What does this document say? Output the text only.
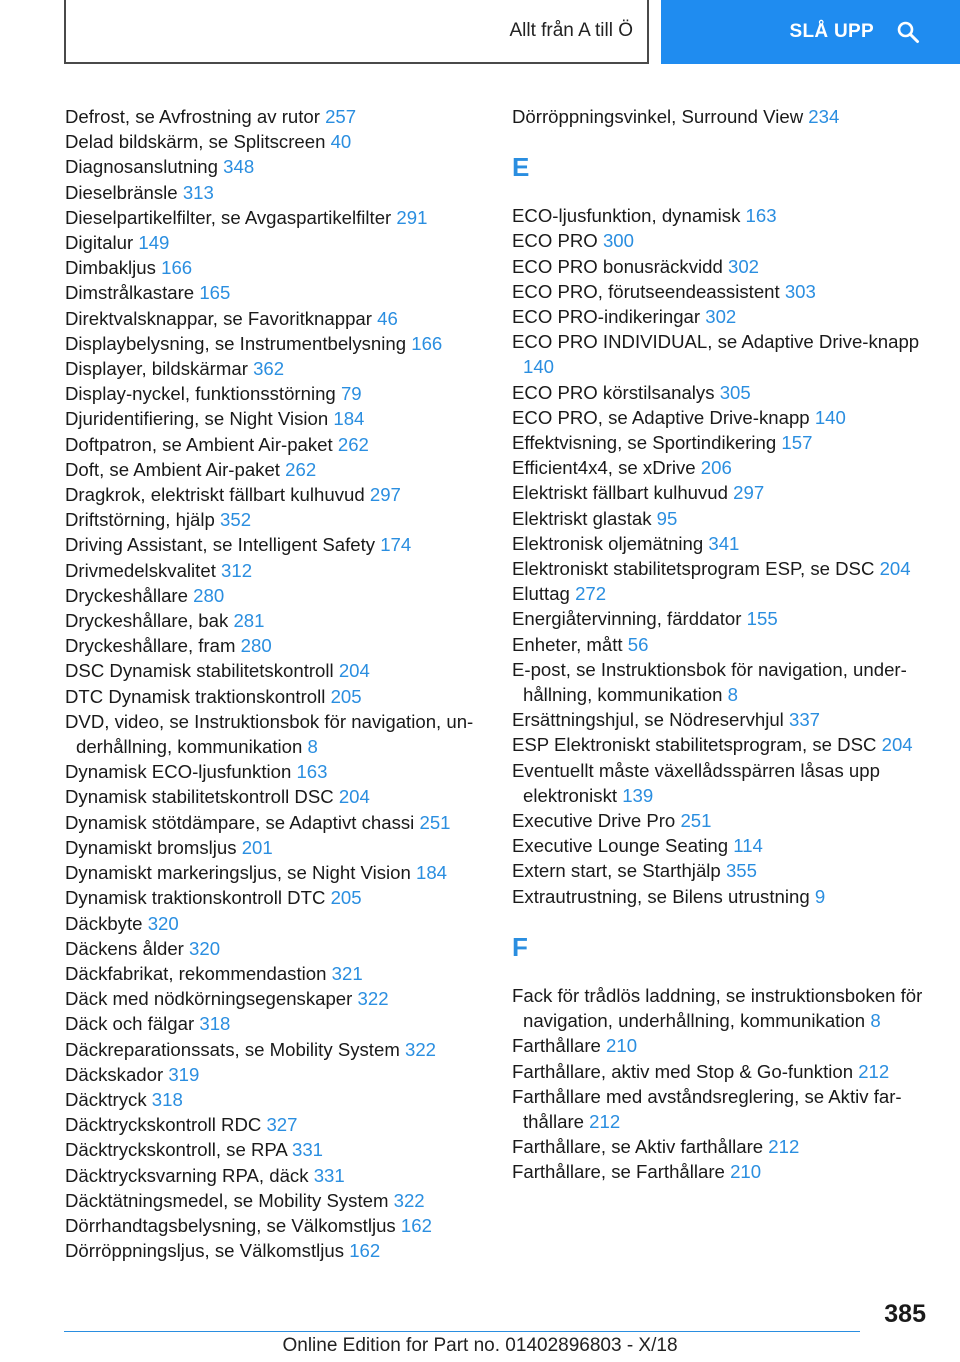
Allt från A till Ö	SLÅ UPP

Defrost, se Avfrostning av rutor 257

Delad bildskärm, se Splitscreen 40

Diagnosanslutning 348

Dieselbränsle 313

Dieselpartikelfilter, se Avgaspartikelfilter 291

Digitalur 149

Dimbakljus 166

Dimstrålkastare 165

Direktvalsknappar, se Favoritknappar 46

Displaybelysning, se Instrumentbelysning 166

Displayer, bildskärmar 362

Display-nyckel, funktionsstörning 79

Djuridentifiering, se Night Vision 184

Doftpatron, se Ambient Air-paket 262

Doft, se Ambient Air-paket 262

Dragkrok, elektriskt fällbart kulhuvud 297

Driftstörning, hjälp 352

Driving Assistant, se Intelligent Safety 174

Drivmedelskvalitet 312

Dryckeshållare 280

Dryckeshållare, bak 281

Dryckeshållare, fram 280

DSC Dynamisk stabilitetskontroll 204

DTC Dynamisk traktionskontroll 205

DVD, video, se Instruktionsbok för navigation, underhållning, kommunikation 8

Dynamisk ECO-ljusfunktion 163

Dynamisk stabilitetskontroll DSC 204

Dynamisk stötdämpare, se Adaptivt chassi 251

Dynamiskt bromsljus 201

Dynamiskt markeringsljus, se Night Vision 184

Dynamisk traktionskontroll DTC 205

Däckbyte 320

Däckens ålder 320

Däckfabrikat, rekommendastion 321

Däck med nödkörningsegenskaper 322

Däck och fälgar 318

Däckreparationssats, se Mobility System 322

Däckskador 319

Däcktryck 318

Däcktryckskontroll RDC 327

Däcktryckskontroll, se RPA 331

Däcktrycksvarning RPA, däck 331

Däcktätningsmedel, se Mobility System 322

Dörrhandtagsbelysning, se Välkomstljus 162

Dörröppningsljus, se Välkomstljus 162

Dörröppningsvinkel, Surround View 234

E

ECO-ljusfunktion, dynamisk 163

ECO PRO 300

ECO PRO bonusräckvidd 302

ECO PRO, förutseendeassistent 303

ECO PRO-indikeringar 302

ECO PRO INDIVIDUAL, se Adaptive Drive-knapp 140

ECO PRO körstilsanalys 305

ECO PRO, se Adaptive Drive-knapp 140

Effektvisning, se Sportindikering 157

Efficient4x4, se xDrive 206

Elektriskt fällbart kulhuvud 297

Elektriskt glastak 95

Elektronisk oljemätning 341

Elektroniskt stabilitetsprogram ESP, se DSC 204

Eluttag 272

Energiåtervinning, färddator 155

Enheter, mått 56

E-post, se Instruktionsbok för navigation, underhållning, kommunikation 8

Ersättningshjul, se Nödreservhjul 337

ESP Elektroniskt stabilitetsprogram, se DSC 204

Eventuellt måste växellådsspärren låsas upp elektroniskt 139

Executive Drive Pro 251

Executive Lounge Seating 114

Extern start, se Starthjälp 355

Extrautrustning, se Bilens utrustning 9

F

Fack för trådlös laddning, se instruktionsboken för navigation, underhållning, kommunikation 8

Farthållare 210

Farthållare, aktiv med Stop & Go-funktion 212

Farthållare med avståndsreglering, se Aktiv farthållare 212

Farthållare, se Aktiv farthållare 212

Farthållare, se Farthållare 210

385
Online Edition for Part no. 01402896803 - X/18
